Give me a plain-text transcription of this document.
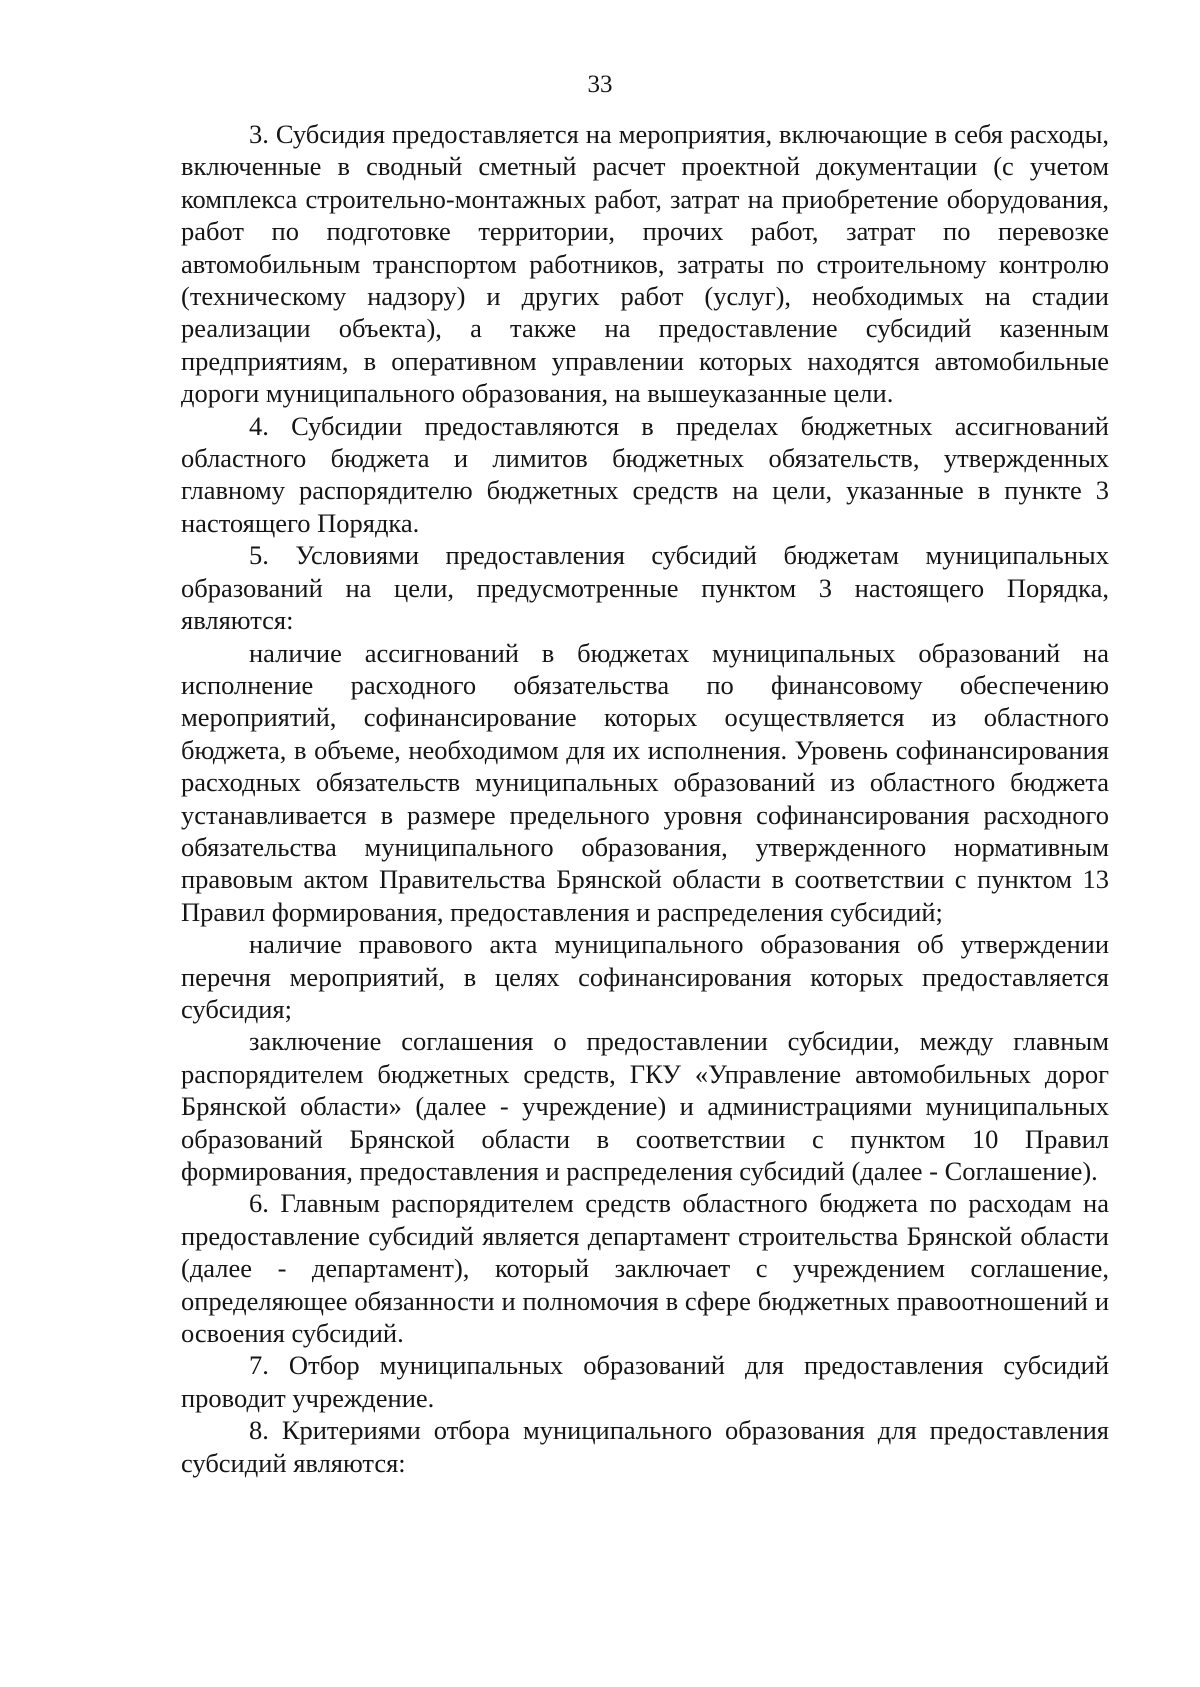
33

3. Субсидия предоставляется на мероприятия, включающие в себя расходы, включенные в сводный сметный расчет проектной документации (с учетом комплекса строительно-монтажных работ, затрат на приобретение оборудования, работ по подготовке территории, прочих работ, затрат по перевозке автомобильным транспортом работников, затраты по строительному контролю (техническому надзору) и других работ (услуг), необходимых на стадии реализации объекта), а также на предоставление субсидий казенным предприятиям, в оперативном управлении которых находятся автомобильные дороги муниципального образования, на вышеуказанные цели.

4. Субсидии предоставляются в пределах бюджетных ассигнований областного бюджета и лимитов бюджетных обязательств, утвержденных главному распорядителю бюджетных средств на цели, указанные в пункте 3 настоящего Порядка.

5. Условиями предоставления субсидий бюджетам муниципальных образований на цели, предусмотренные пунктом 3 настоящего Порядка, являются:

наличие ассигнований в бюджетах муниципальных образований на исполнение расходного обязательства по финансовому обеспечению мероприятий, софинансирование которых осуществляется из областного бюджета, в объеме, необходимом для их исполнения. Уровень софинансирования расходных обязательств муниципальных образований из областного бюджета устанавливается в размере предельного уровня софинансирования расходного обязательства муниципального образования, утвержденного нормативным правовым актом Правительства Брянской области в соответствии с пунктом 13 Правил формирования, предоставления и распределения субсидий;

наличие правового акта муниципального образования об утверждении перечня мероприятий, в целях софинансирования которых предоставляется субсидия;

заключение соглашения о предоставлении субсидии, между главным распорядителем бюджетных средств, ГКУ «Управление автомобильных дорог Брянской области» (далее - учреждение) и администрациями муниципальных образований Брянской области в соответствии с пунктом 10 Правил формирования, предоставления и распределения субсидий (далее - Соглашение).

6. Главным распорядителем средств областного бюджета по расходам на предоставление субсидий является департамент строительства Брянской области (далее - департамент), который заключает с учреждением соглашение, определяющее обязанности и полномочия в сфере бюджетных правоотношений и освоения субсидий.

7. Отбор муниципальных образований для предоставления субсидий проводит учреждение.

8. Критериями отбора муниципального образования для предоставления субсидий являются:
